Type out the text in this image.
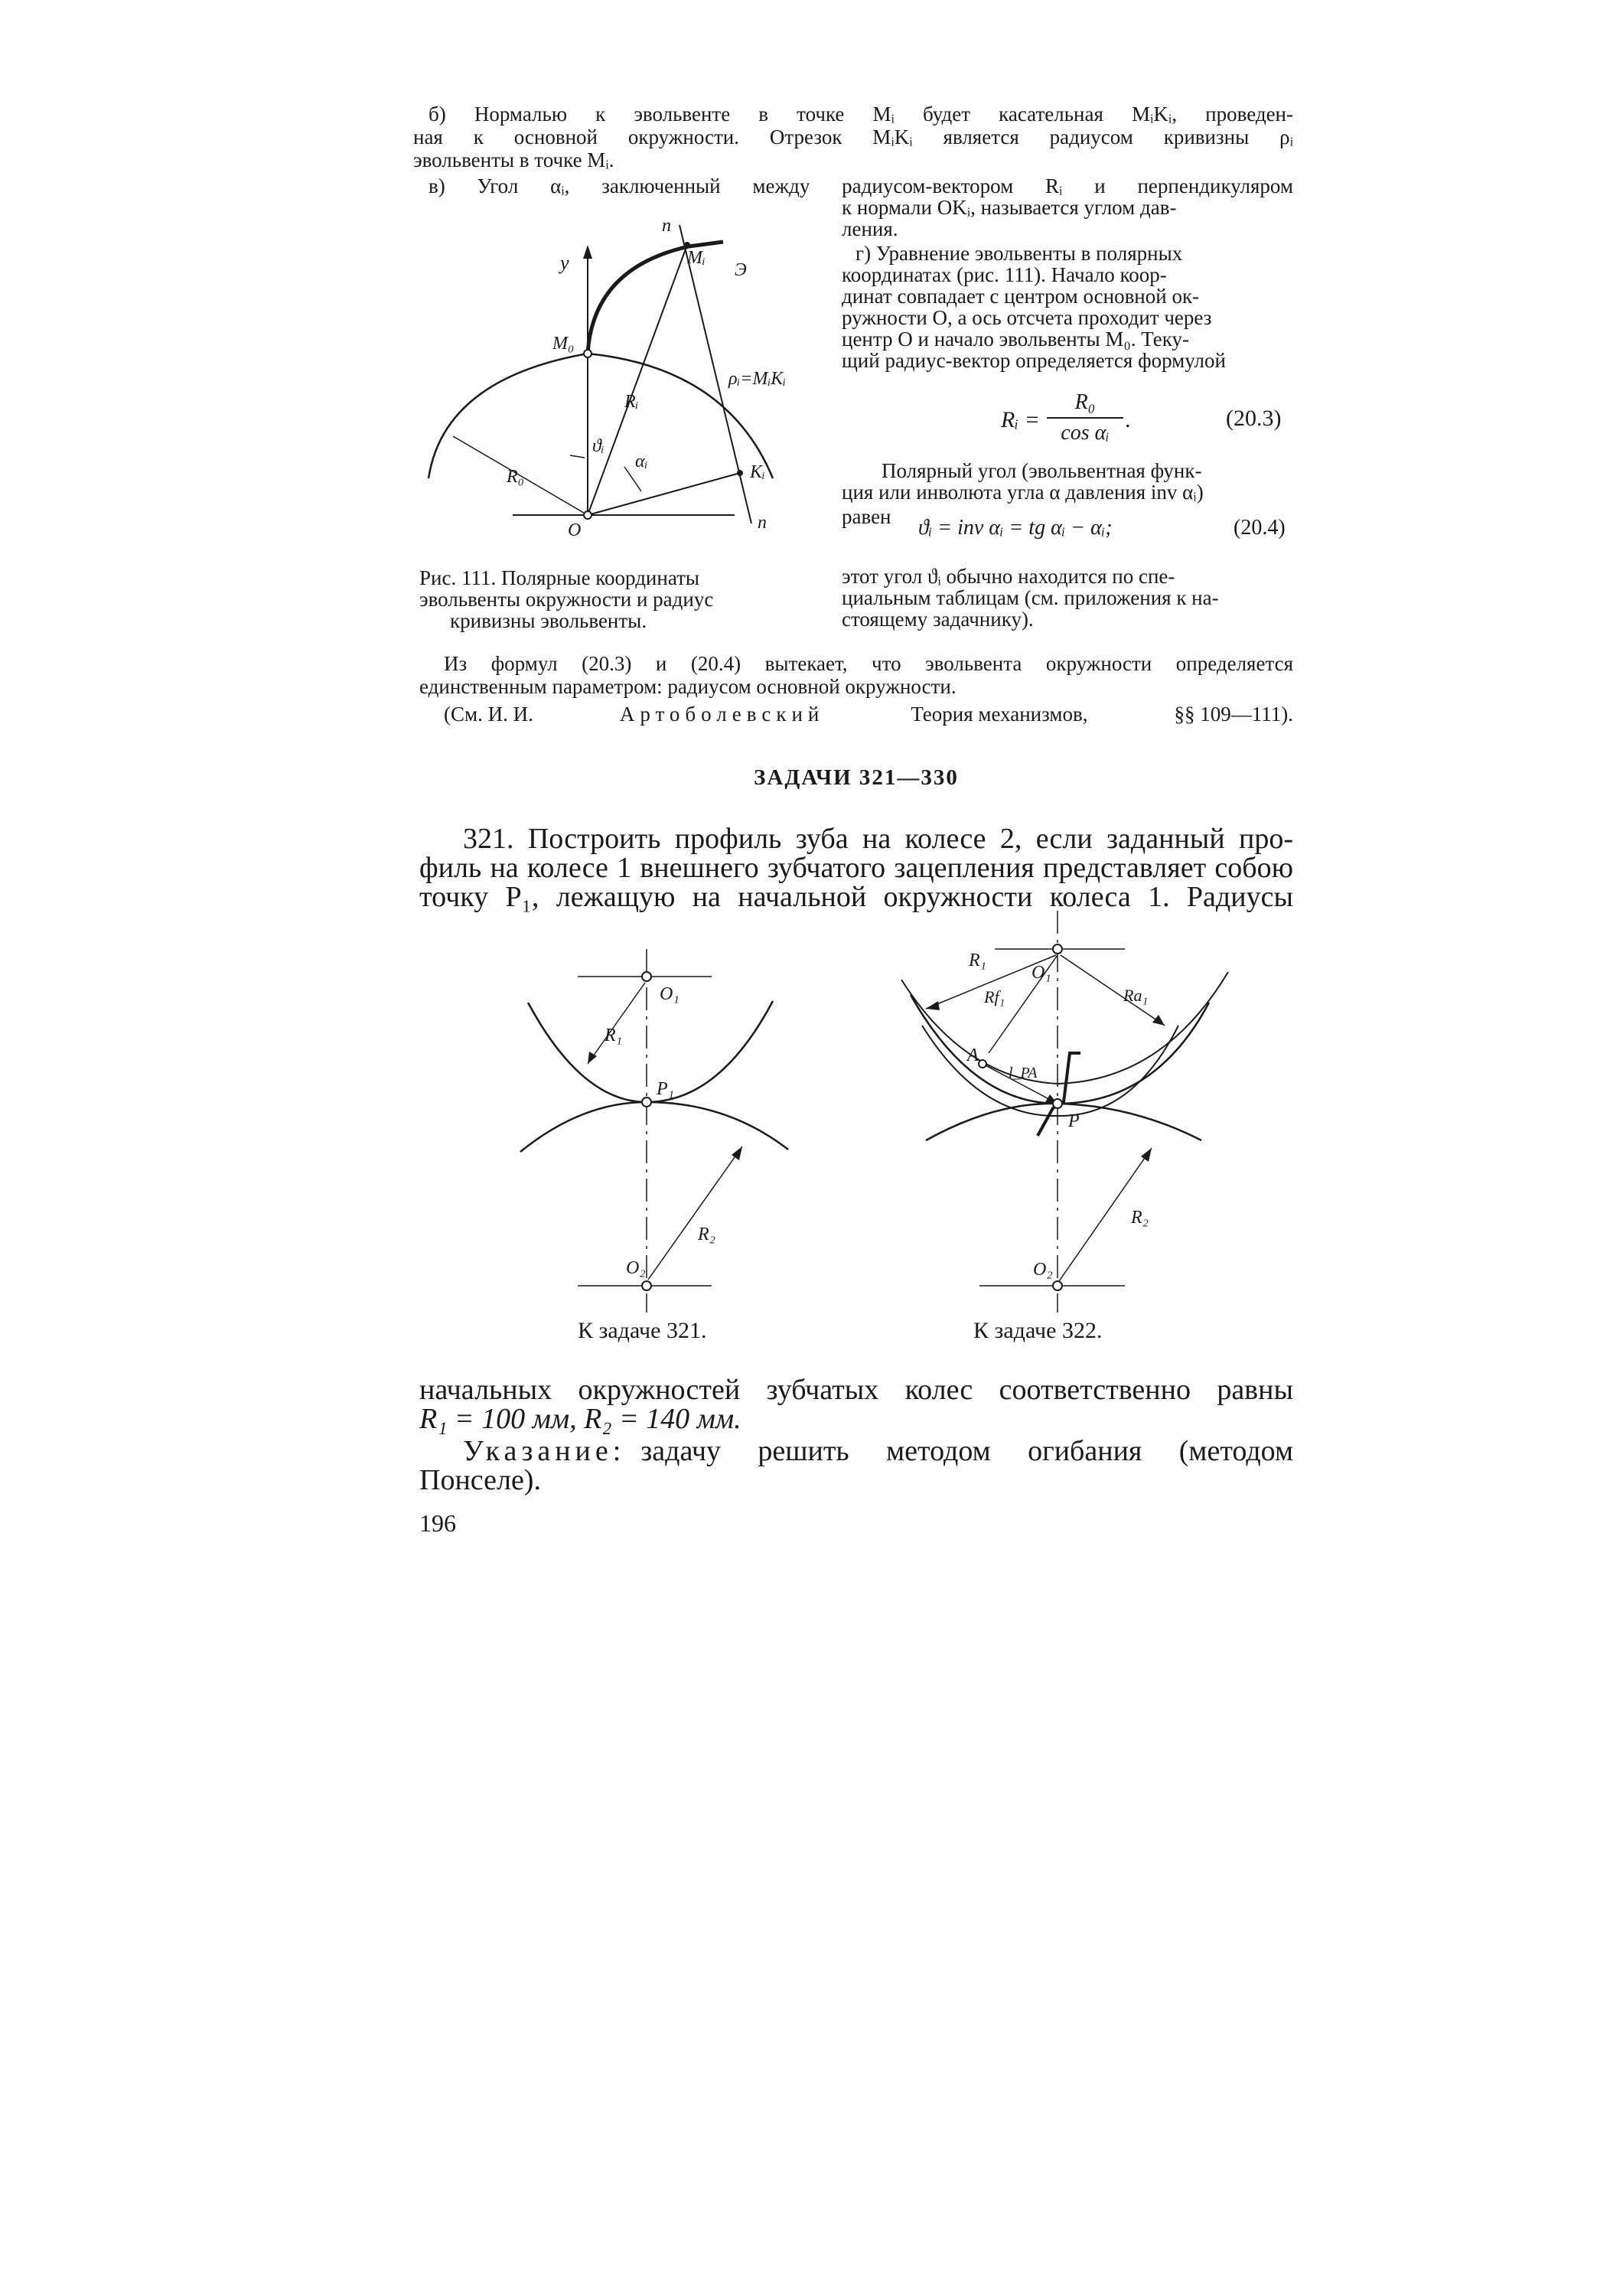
б) Нормалью к эвольвенте в точке Mᵢ будет касательная MᵢKᵢ, проведен-
ная к основной окружности. Отрезок MᵢKᵢ является радиусом кривизны ρᵢ
эвольвенты в точке Mᵢ.
в) Угол αᵢ, заключенный между радиусом-вектором Rᵢ и перпендикуляром
к нормали OKᵢ, называется углом дав-
ления.
г) Уравнение эвольвенты в полярных
координатах (рис. 111). Начало коор-
динат совпадает с центром основной ок-
ружности O, а ось отсчета проходит через
центр O и начало эвольвенты M₀. Теку-
щий радиус-вектор определяется формулой
Rᵢ =
R₀
cos αᵢ
.	(20.3)
Полярный угол (эвольвентная функ-
ция или инволюта угла α давления inv αᵢ)
равен ϑᵢ = inv αᵢ = tg αᵢ − αᵢ;	(20.4)
этот угол ϑᵢ обычно находится по спе-
циальным таблицам (см. приложения к на-
стоящему задачнику).
n
y	Mᵢ
Э
M₀
ρᵢ=MᵢKᵢ
Rᵢ
ϑᵢ
αᵢ
Kᵢ
R₀
O	n
Рис. 111. Полярные координаты
эвольвенты окружности и радиус
кривизны эвольвенты.
Из формул (20.3) и (20.4) вытекает, что эвольвента окружности определяется
единственным параметром: радиусом основной окружности.
(См. И. И.	Артоболевский	Теория механизмов,	§§ 109—111).
ЗАДАЧИ 321—330
321. Построить профиль зуба на колесе 2, если заданный про-
филь на колесе 1 внешнего зубчатого зацепления представляет собою
точку P₁, лежащую на начальной окружности колеса 1. Радиусы
O₁
R₁
P₁
R₂
O₂
R₁
O₁
Rf₁	Ra₁
A
l_PA
P
R₂
O₂
К задаче 321.	К задаче 322.
начальных окружностей зубчатых колес соответственно равны
R₁ = 100 мм, R₂ = 140 мм.
Указание: задачу решить методом огибания (методом
Понселе).
196
